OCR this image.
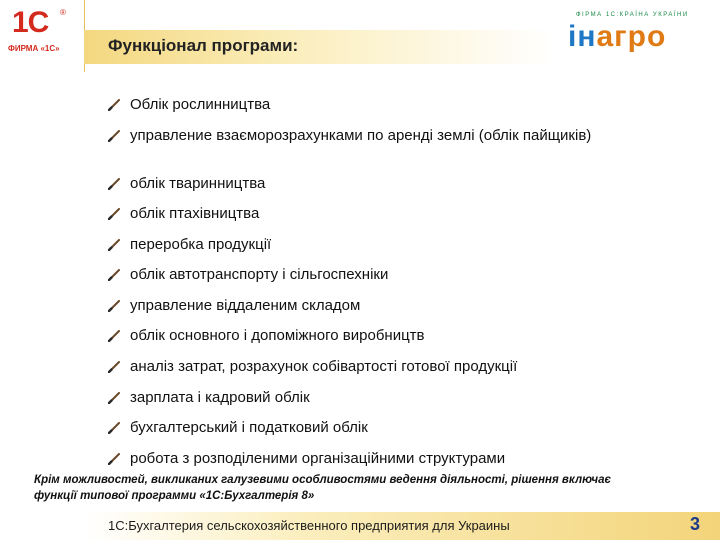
1С	®
ФИРМА «1С»	Функціонал програми:
ФІРМА 1С:КРАЇНА УКРАЇНИ
інагро
Облік рослинництва
управление взаєморозрахунками по аренді землі (облік пайщиків)
облік тваринництва
облік птахівництва
переробка продукції
облік автотранспорту і сільгоспехніки
управление віддаленим складом
облік основного і допоміжного виробництв
аналіз затрат, розрахунок собівартості готової продукції
зарплата і кадровий облік
бухгалтерський і податковий облік
робота з розподіленими організаційними структурами
Крім можливостей, викликаних галузевими особливостями ведення діяльності, рішення включає функції типової программи «1С:Бухгалтерія 8»
1С:Бухгалтерия сельскохозяйственного предприятия для Украины	3
